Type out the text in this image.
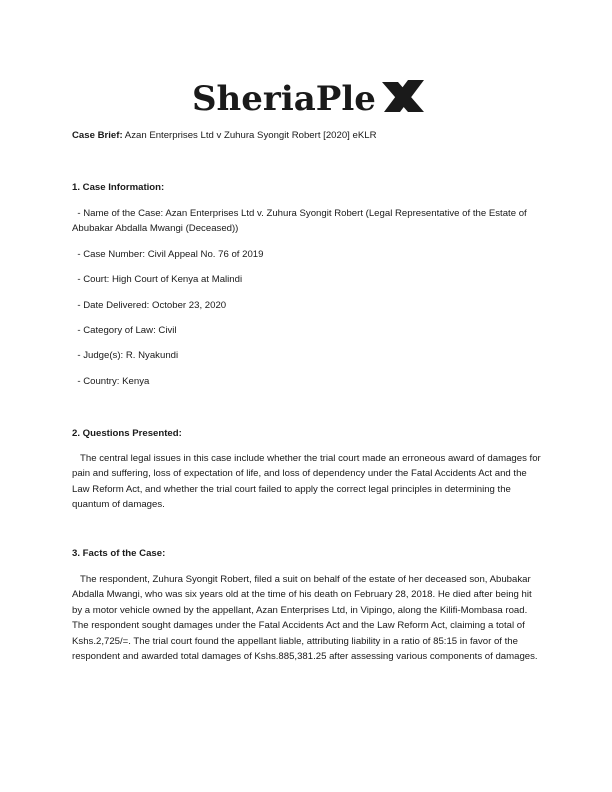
SheriaPle
Case Brief: Azan Enterprises Ltd v Zuhura Syongit Robert [2020] eKLR
1. Case Information:
- Name of the Case: Azan Enterprises Ltd v. Zuhura Syongit Robert (Legal Representative of the Estate of Abubakar Abdalla Mwangi (Deceased))
- Case Number: Civil Appeal No. 76 of 2019
- Court: High Court of Kenya at Malindi
- Date Delivered: October 23, 2020
- Category of Law: Civil
- Judge(s): R. Nyakundi
- Country: Kenya
2. Questions Presented:
The central legal issues in this case include whether the trial court made an erroneous award of damages for pain and suffering, loss of expectation of life, and loss of dependency under the Fatal Accidents Act and the Law Reform Act, and whether the trial court failed to apply the correct legal principles in determining the quantum of damages.
3. Facts of the Case:
The respondent, Zuhura Syongit Robert, filed a suit on behalf of the estate of her deceased son, Abubakar Abdalla Mwangi, who was six years old at the time of his death on February 28, 2018. He died after being hit by a motor vehicle owned by the appellant, Azan Enterprises Ltd, in Vipingo, along the Kilifi-Mombasa road. The respondent sought damages under the Fatal Accidents Act and the Law Reform Act, claiming a total of Kshs.2,725/=. The trial court found the appellant liable, attributing liability in a ratio of 85:15 in favor of the respondent and awarded total damages of Kshs.885,381.25 after assessing various components of damages.
